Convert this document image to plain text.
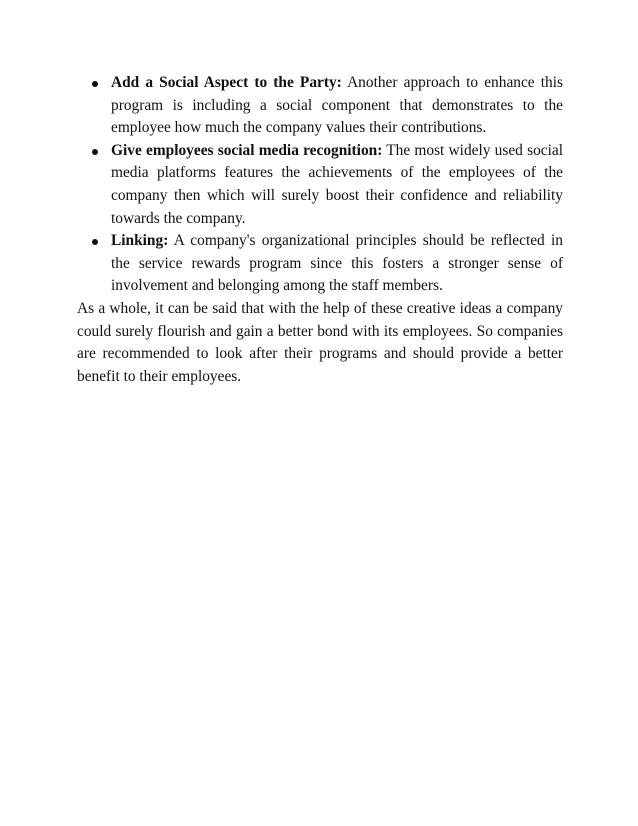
Add a Social Aspect to the Party: Another approach to enhance this program is including a social component that demonstrates to the employee how much the company values their contributions.
Give employees social media recognition: The most widely used social media platforms features the achievements of the employees of the company then which will surely boost their confidence and reliability towards the company.
Linking: A company's organizational principles should be reflected in the service rewards program since this fosters a stronger sense of involvement and belonging among the staff members.

As a whole, it can be said that with the help of these creative ideas a company could surely flourish and gain a better bond with its employees. So companies are recommended to look after their programs and should provide a better benefit to their employees.
